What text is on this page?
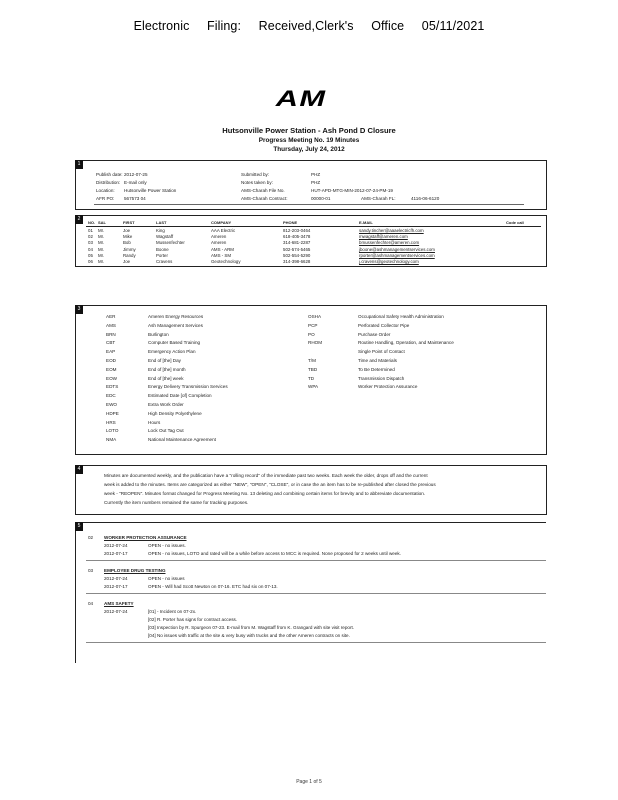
Electronic Filing: Received,Clerk's Office 05/11/2021
AM
Hutsonville Power Station - Ash Pond D Closure
Progress Meeting No. 19 Minutes
Thursday, July 24, 2012
1
Publish date: 2012-07-25
Distribution: E-mail only
Location: Hutsonville Power Station
AFR PO: 567573 04
Submitted by:	PHZ
Notes taken by:	PHZ
AMS-Charah File No.	HUT-APD-MTG-MIN-2012-07-24-PM-19
AMS-Charah Contract:	00000-01	AMS-Charah FL:	4116-06-6120
2
NO. SAL	FIRST	LAST	COMPANY	PHONE	E-MAIL	Code call
01 Mr.	Joe	King	AAA Electric	812-203-0464	sandy.tincher@aaaelectricfh.com
02 Mr.	Mike	Wagstaff	Ameren	618-405-3478	mwagstaff@ameren.com
03 Mr.	Bob	Mussenfechter	Ameren	314-681-2287	bmussenfechter@ameren.com
04 Mr.	Jimmy	Boone	AMS - ARM	502-574-5465	jboone@ashmanagementservices.com
05 Mr.	Randy	Porter	AMS - SM	502-554-5290	rporter@ashmanagementservices.com
06 Mr.	Joe	Cravens	Geotechnology	314-398-6628	j.cravens@geotechnology.com
3
AER	Ameren Energy Resources
AMS	Ash Management Services
BRN	Burlington
CBT	Computer Based Training
EAP	Emergency Action Plan
EOD	End of [the] Day
EOM	End of [the] month
EOW	End of [the] week
EDTS	Energy Delivery Transmission Services
EDC	Estimated Date [of] Completion
EWO	Extra Work Order
HDPE	High Density Polyethylene
HRS	Hours
LOTO	Lock Out Tag Out
NMA	National Maintenance Agreement
OSHA	Occupational Safety Health Administration
PCP	Perforated Collector Pipe
PO	Purchase Order
RHOM	Routine Handling, Operation, and Maintenance
Single Point of Contact
T/M	Time and Materials
TBD	To Be Determined
TD	Transmission Dispatch
WPA	Worker Protection Assurance
4
Minutes are documented weekly, and the publication have a "rolling record" of the immediate past two weeks. Each week the older, drops off and the current
week is added to the minutes. Items are categorized as either "NEW", "OPEN", "CLOSE", or in case the an item has to be re-published after closed the previous
week - "REOPEN". Minutes format changed for Progress Meeting No. 13 deleting and combining certain items for brevity and to abbreviate documentation.
Currently the item numbers remained the same for tracking purposes.
5
02 WORKER PROTECTION ASSURANCE
2012-07-24	OPEN - no issues.
2012-07-17	OPEN - no issues, LOTO and rated will be a while before access to MCC is required. None proposed for 2 weeks until week.
03 EMPLOYEE DRUG TESTING
2012-07-24	OPEN - no issues
2012-07-17	OPEN - Will had Scott Newton on 07-16. ETC had six on 07-13.
04 AMS SAFETY
2012-07-24	[01] - Incident on 07-2x.
[02] R. Porter has signs for contract access.
[03] Inspection by R. Spurgeon 07-23. E-mail from M. Wagstaff from K. Grangard with site visit report.
[04] No issues with traffic at the site & very busy with trucks and the other Ameren contracts on site.
Page 1 of 5
